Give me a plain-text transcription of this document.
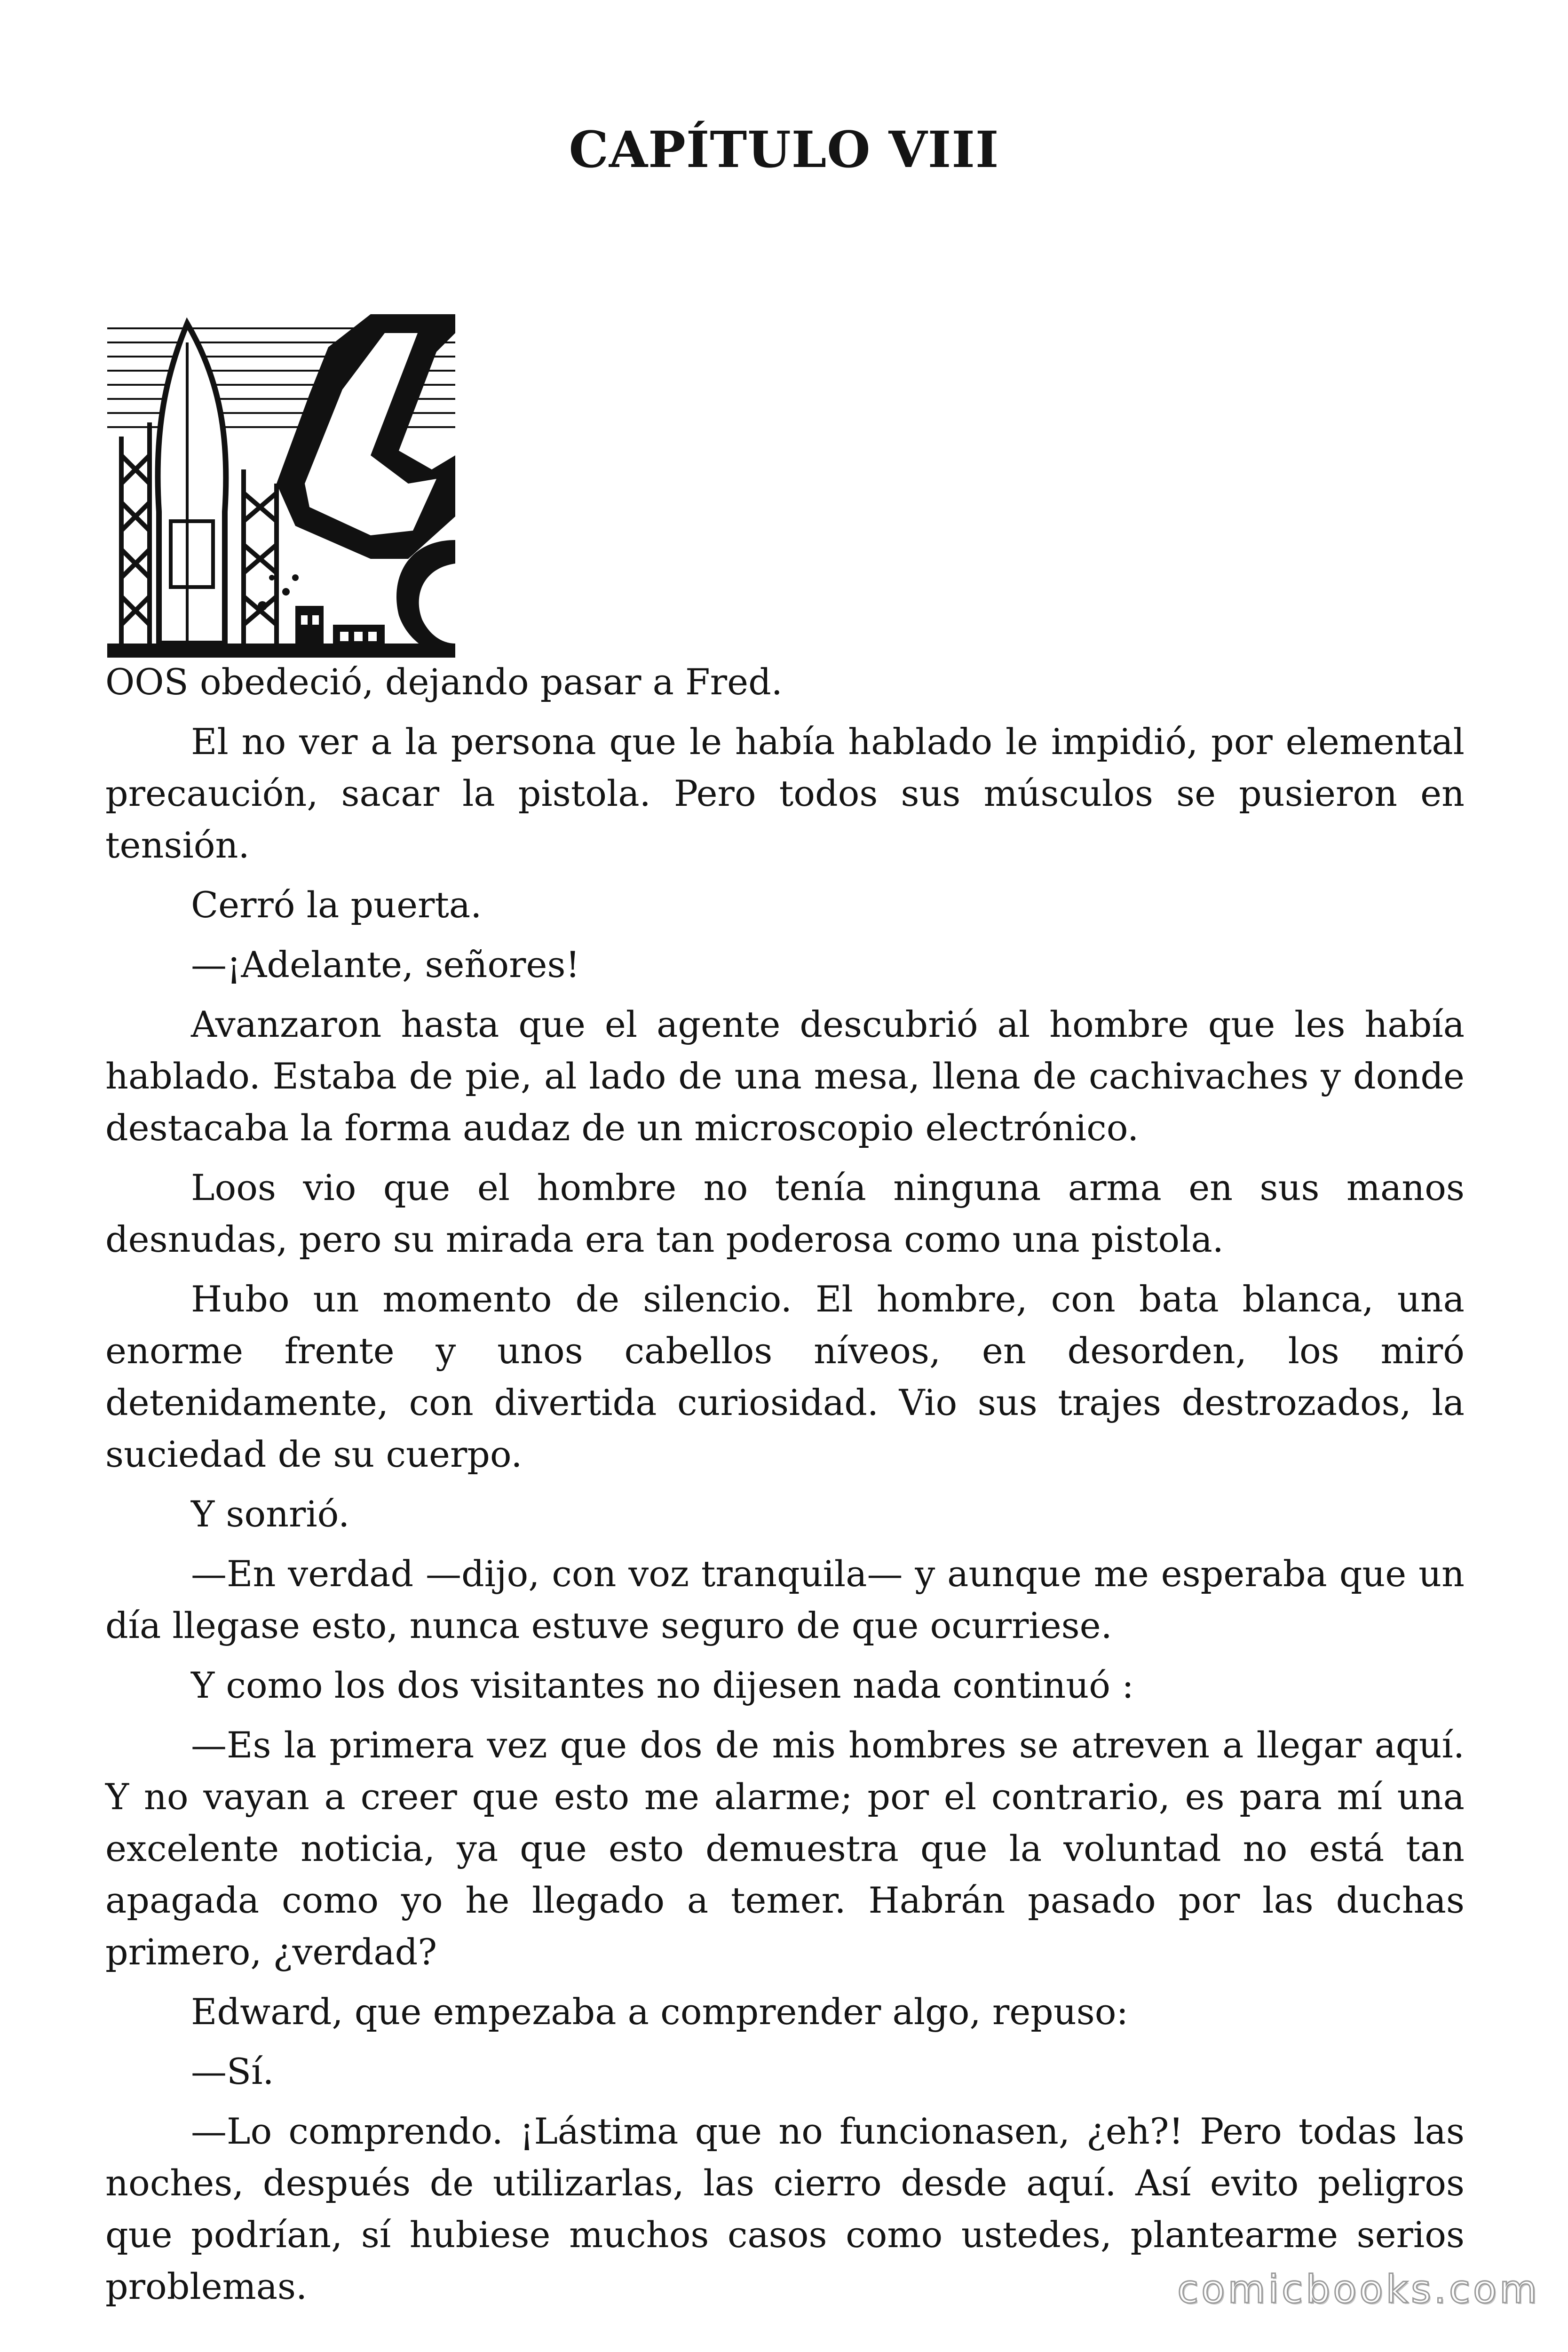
CAPÍTULO VIII

OOS obedeció, dejando pasar a Fred.

El no ver a la persona que le había hablado le impidió, por elemental precaución, sacar la pistola. Pero todos sus músculos se pusieron en tensión.

Cerró la puerta.

—¡Adelante, señores!

Avanzaron hasta que el agente descubrió al hombre que les había hablado. Estaba de pie, al lado de una mesa, llena de cachivaches y donde destacaba la forma audaz de un microscopio electrónico.

Loos vio que el hombre no tenía ninguna arma en sus manos desnudas, pero su mirada era tan poderosa como una pistola.

Hubo un momento de silencio. El hombre, con bata blanca, una enorme frente y unos cabellos níveos, en desorden, los miró detenidamente, con divertida curiosidad. Vio sus trajes destrozados, la suciedad de su cuerpo.

Y sonrió.

—En verdad —dijo, con voz tranquila— y aunque me esperaba que un día llegase esto, nunca estuve seguro de que ocurriese.

Y como los dos visitantes no dijesen nada continuó :

—Es la primera vez que dos de mis hombres se atreven a llegar aquí. Y no vayan a creer que esto me alarme; por el contrario, es para mí una excelente noticia, ya que esto demuestra que la voluntad no está tan apagada como yo he llegado a temer. Habrán pasado por las duchas primero, ¿verdad?

Edward, que empezaba a comprender algo, repuso:

—Sí.

—Lo comprendo. ¡Lástima que no funcionasen, ¿eh?! Pero todas las noches, después de utilizarlas, las cierro desde aquí. Así evito peligros que podrían, sí hubiese muchos casos como ustedes, plantearme serios problemas.	comicbooks.com
